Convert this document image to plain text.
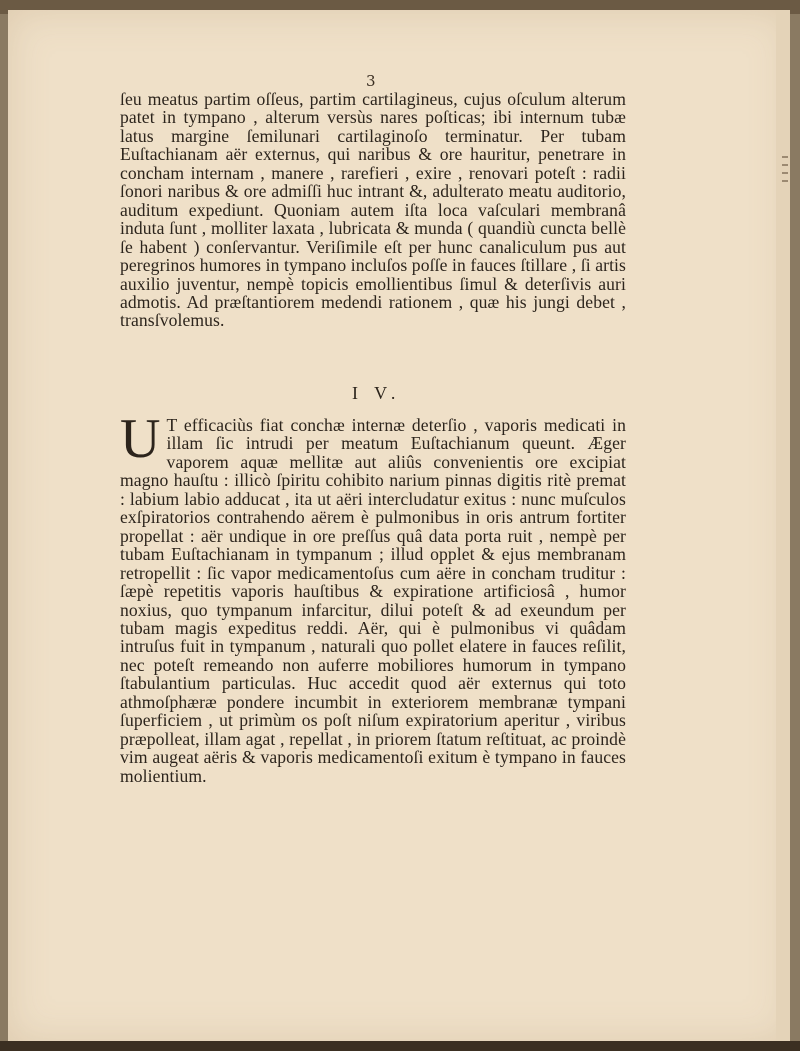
3

ſeu meatus partim oſſeus, partim cartilagineus, cujus oſculum alterum patet in tympano , alterum versùs nares poſticas; ibi internum tubæ latus margine ſemilunari cartilaginoſo terminatur. Per tubam Euſtachianam aër externus, qui naribus & ore hauritur, penetrare in concham internam , manere , rarefieri , exire , renovari poteſt : radii ſonori naribus & ore admiſſi huc intrant &, adulterato meatu auditorio, auditum expediunt. Quoniam autem iſta loca vaſculari membranâ induta ſunt , molliter laxata , lubricata & munda ( quandiù cuncta bellè ſe habent ) conſervantur. Veriſimile eſt per hunc canaliculum pus aut peregrinos humores in tympano incluſos poſſe in fauces ſtillare , ſi artis auxilio juventur, nempè topicis emollientibus ſimul & deterſivis auri admotis. Ad præſtantiorem medendi rationem , quæ his jungi debet , transſvolemus.

I V.

U T efficaciùs fiat conchæ internæ deterſio , vaporis medicati in illam ſic intrudi per meatum Euſtachianum queunt. Æger vaporem aquæ mellitæ aut aliûs convenientis ore excipiat magno hauſtu : illicò ſpiritu cohibito narium pinnas digitis ritè premat : labium labio adducat , ita ut aëri intercludatur exitus : nunc muſculos exſpiratorios contrahendo aërem è pulmonibus in oris antrum fortiter propellat : aër undique in ore preſſus quâ data porta ruit , nempè per tubam Euſtachianam in tympanum ; illud opplet & ejus membranam retropellit : ſic vapor medicamentoſus cum aëre in concham truditur : ſæpè repetitis vaporis hauſtibus & expiratione artificiosâ , humor noxius, quo tympanum infarcitur, dilui poteſt & ad exeundum per tubam magis expeditus reddi. Aër, qui è pulmonibus vi quâdam intruſus fuit in tympanum , naturali quo pollet elatere in fauces reſilit, nec poteſt remeando non auferre mobiliores humorum in tympano ſtabulantium particulas. Huc accedit quod aër externus qui toto athmoſphæræ pondere incumbit in exteriorem membranæ tympani ſuperficiem , ut primùm os poſt niſum expiratorium aperitur , viribus præpolleat, illam agat , repellat , in priorem ſtatum reſtituat, ac proindè vim augeat aëris & vaporis medicamentoſi exitum è tympano in fauces molientium.
